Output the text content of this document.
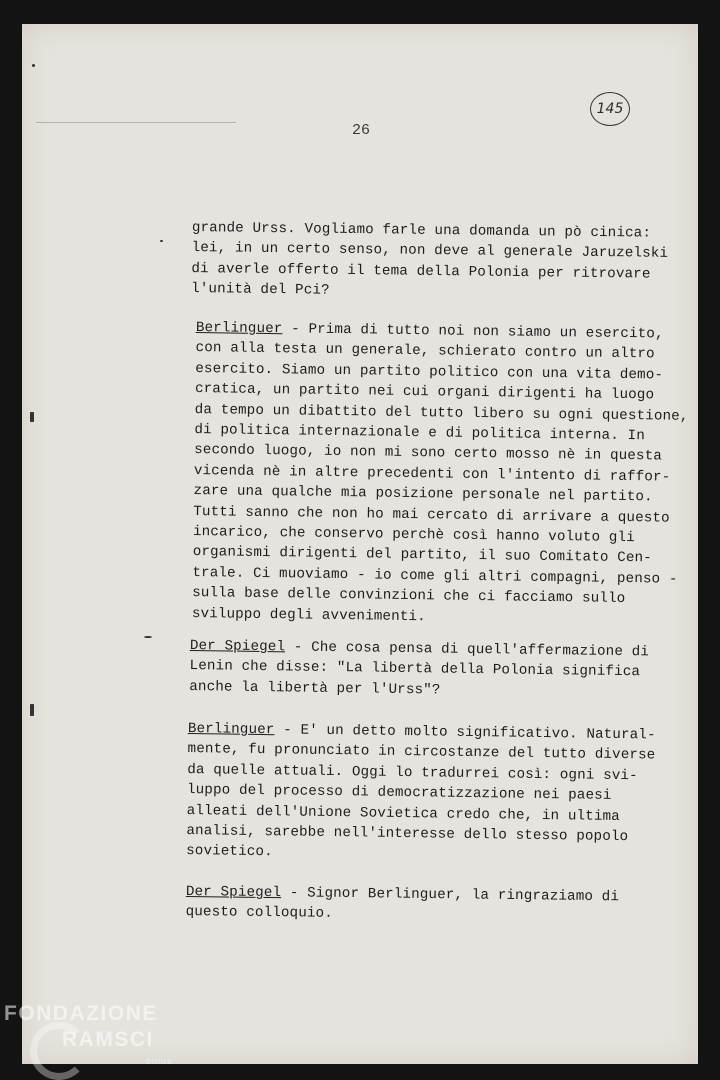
145
26
grande Urss. Vogliamo farle una domanda un pò cinica:
lei, in un certo senso, non deve al generale Jaruzelski
di averle offerto il tema della Polonia per ritrovare
l'unità del Pci?
Berlinguer - Prima di tutto noi non siamo un esercito,
con alla testa un generale, schierato contro un altro
esercito. Siamo un partito politico con una vita demo-
cratica, un partito nei cui organi dirigenti ha luogo
da tempo un dibattito del tutto libero su ogni questione,
di politica internazionale e di politica interna. In
secondo luogo, io non mi sono certo mosso nè in questa
vicenda nè in altre precedenti con l'intento di raffor-
zare una qualche mia posizione personale nel partito.
Tutti sanno che non ho mai cercato di arrivare a questo
incarico, che conservo perchè così hanno voluto gli
organismi dirigenti del partito, il suo Comitato Cen-
trale. Ci muoviamo - io come gli altri compagni, penso -
sulla base delle convinzioni che ci facciamo sullo
sviluppo degli avvenimenti.
Der Spiegel - Che cosa pensa di quell'affermazione di
Lenin che disse: "La libertà della Polonia significa
anche la libertà per l'Urss"?
Berlinguer - E' un detto molto significativo. Natural-
mente, fu pronunciato in circostanze del tutto diverse
da quelle attuali. Oggi lo tradurrei così: ogni svi-
luppo del processo di democratizzazione nei paesi
alleati dell'Unione Sovietica credo che, in ultima
analisi, sarebbe nell'interesse dello stesso popolo
sovietico.
Der Spiegel - Signor Berlinguer, la ringraziamo di
questo colloquio.
FONDAZIONE
RAMSCI
onlus
